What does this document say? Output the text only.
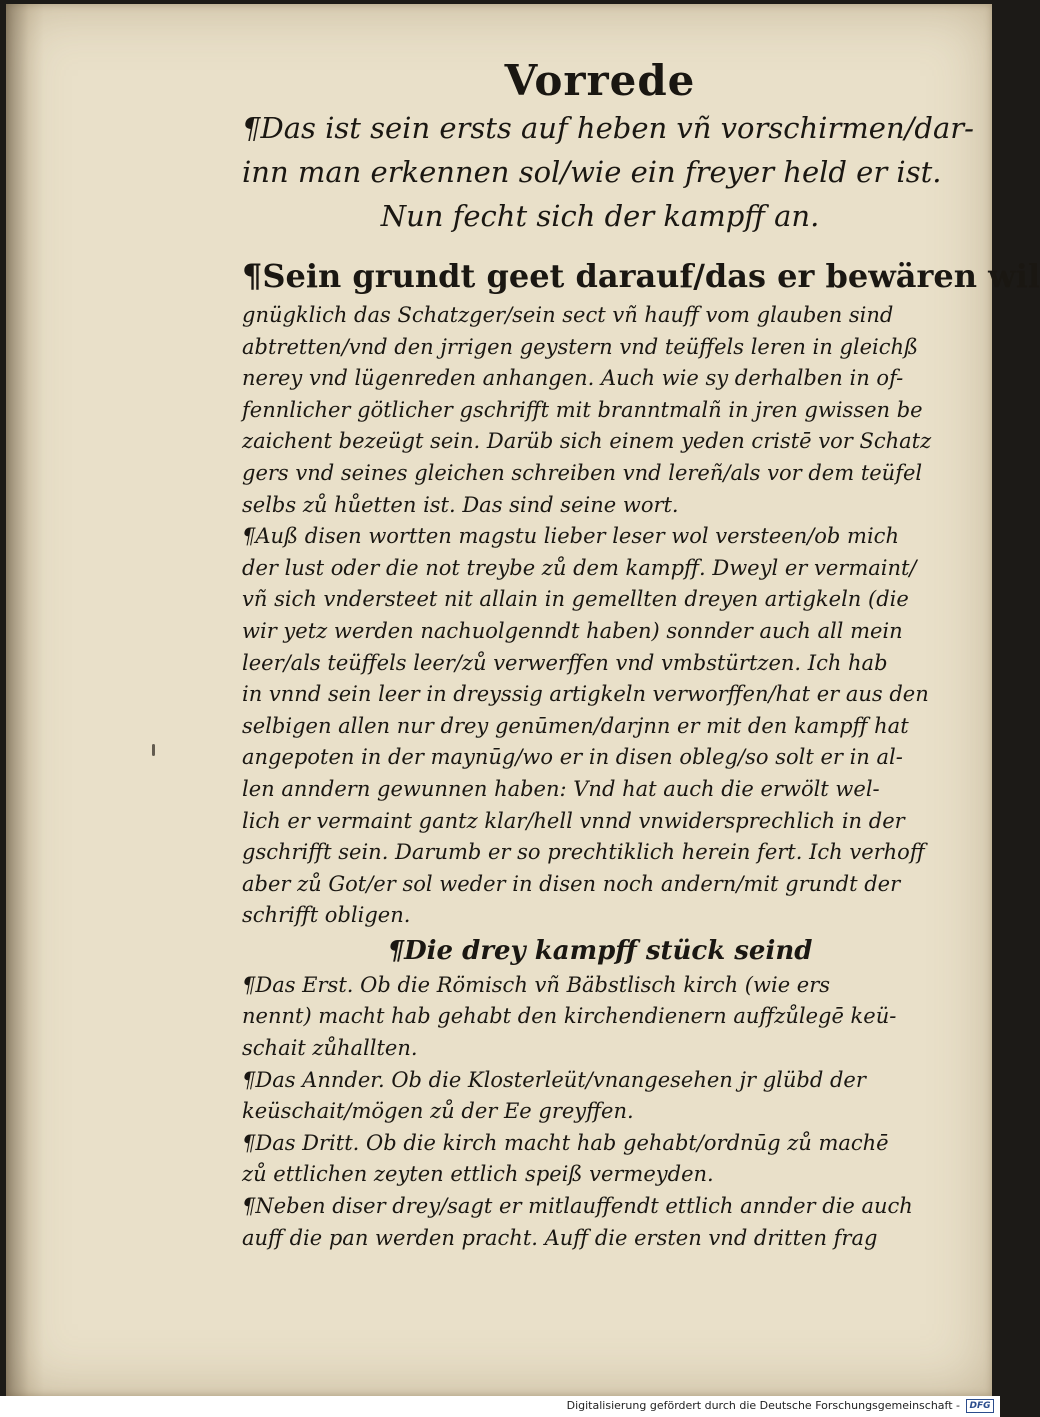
Vorrede
¶Das ist sein ersts auf heben vñ vorschirmen/dar-
inn man erkennen sol/wie ein freyer held er ist.
Nun fecht sich der kampff an.
¶Sein grundt geet darauf/das er bewären wil
gnügklich das Schatzger/sein sect vñ hauff vom glauben sind
abtretten/vnd den jrrigen geystern vnd teüffels leren in gleichß
nerey vnd lügenreden anhangen. Auch wie sy derhalben in of-
fennlicher götlicher gschrifft mit branntmalñ in jren gwissen be
zaichent bezeügt sein. Darüb sich einem yeden cristē vor Schatz
gers vnd seines gleichen schreiben vnd lereñ/als vor dem teüfel
selbs zů hůetten ist. Das sind seine wort.
¶Auß disen wortten magstu lieber leser wol versteen/ob mich
der lust oder die not treybe zů dem kampff. Dweyl er vermaint/
vñ sich vndersteet nit allain in gemellten dreyen artigkeln (die
wir yetz werden nachuolgenndt haben) sonnder auch all mein
leer/als teüffels leer/zů verwerffen vnd vmbstürtzen. Ich hab
in vnnd sein leer in dreyssig artigkeln verworffen/hat er aus den
selbigen allen nur drey genūmen/darjnn er mit den kampff hat
angepoten in der maynūg/wo er in disen obleg/so solt er in al-
len anndern gewunnen haben: Vnd hat auch die erwölt wel-
lich er vermaint gantz klar/hell vnnd vnwidersprechlich in der
gschrifft sein. Darumb er so prechtiklich herein fert. Ich verhoff
aber zů Got/er sol weder in disen noch andern/mit grundt der
schrifft obligen.
¶Die drey kampff stück seind
¶Das Erst. Ob die Römisch vñ Bäbstlisch kirch (wie ers
nennt) macht hab gehabt den kirchendienern auffzůlegē keü-
schait zůhallten.
¶Das Annder. Ob die Klosterleüt/vnangesehen jr glübd der
keüschait/mögen zů der Ee greyffen.
¶Das Dritt. Ob die kirch macht hab gehabt/ordnūg zů machē
zů ettlichen zeyten ettlich speiß vermeyden.
¶Neben diser drey/sagt er mitlauffendt ettlich annder die auch
auff die pan werden pracht. Auff die ersten vnd dritten frag
Digitalisierung gefördert durch die Deutsche Forschungsgemeinschaft -	DFG
